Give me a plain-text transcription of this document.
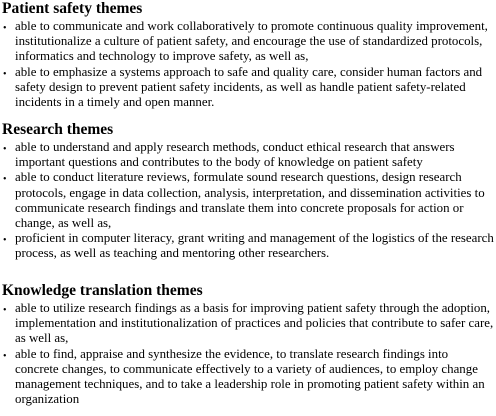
Patient safety themes
• able to communicate and work collaboratively to promote continuous quality improvement, institutionalize a culture of patient safety, and encourage the use of standardized protocols, informatics and technology to improve safety, as well as,
• able to emphasize a systems approach to safe and quality care, consider human factors and safety design to prevent patient safety incidents, as well as handle patient safety-related incidents in a timely and open manner.
Research themes
• able to understand and apply research methods, conduct ethical research that answers important questions and contributes to the body of knowledge on patient safety
• able to conduct literature reviews, formulate sound research questions, design research protocols, engage in data collection, analysis, interpretation, and dissemination activities to communicate research findings and translate them into concrete proposals for action or change, as well as,
• proficient in computer literacy, grant writing and management of the logistics of the research process, as well as teaching and mentoring other researchers.
Knowledge translation themes
• able to utilize research findings as a basis for improving patient safety through the adoption, implementation and institutionalization of practices and policies that contribute to safer care, as well as,
• able to find, appraise and synthesize the evidence, to translate research findings into concrete changes, to communicate effectively to a variety of audiences, to employ change management techniques, and to take a leadership role in promoting patient safety within an organization
